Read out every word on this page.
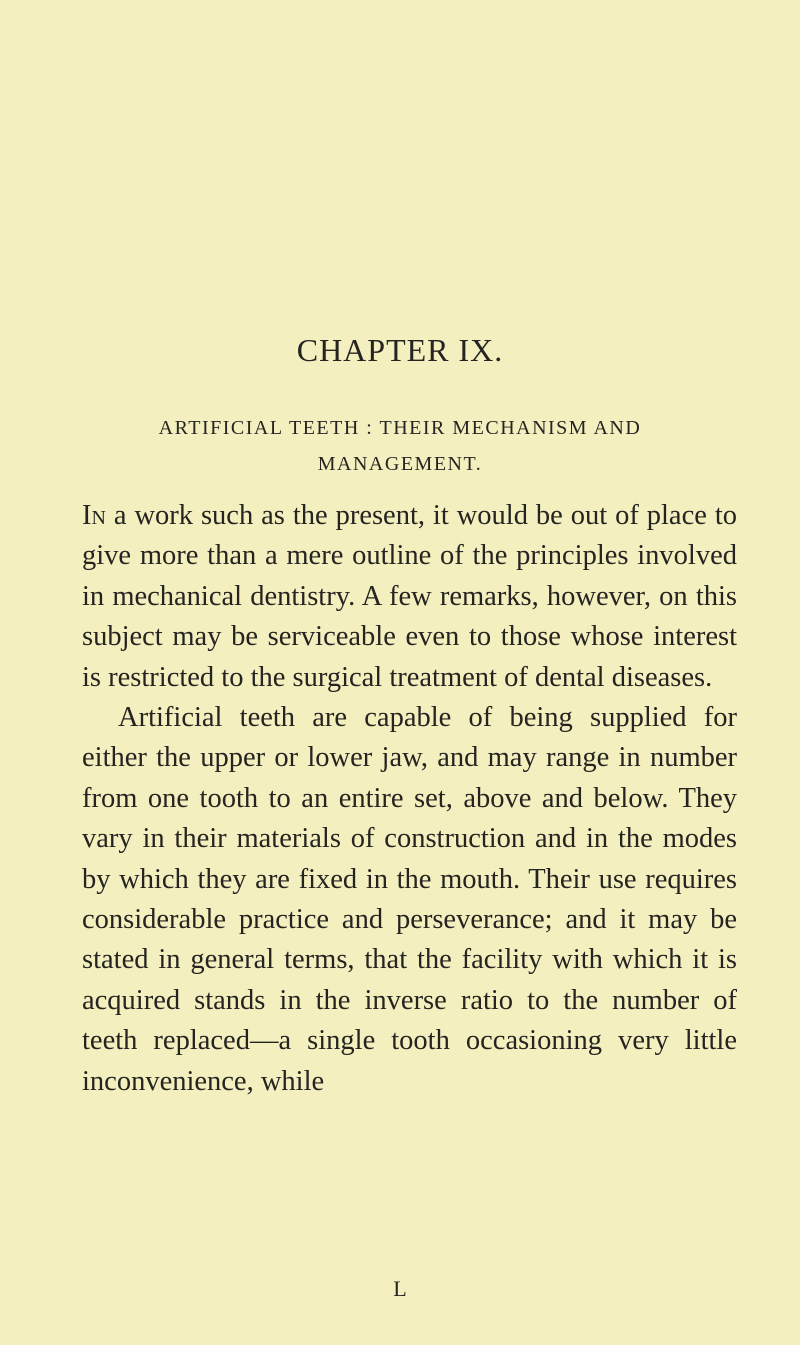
CHAPTER IX.
ARTIFICIAL TEETH : THEIR MECHANISM AND MANAGEMENT.

In a work such as the present, it would be out of place to give more than a mere outline of the principles involved in mechanical dentistry. A few remarks, however, on this subject may be serviceable even to those whose interest is restricted to the surgical treatment of dental diseases.

Artificial teeth are capable of being supplied for either the upper or lower jaw, and may range in number from one tooth to an entire set, above and below. They vary in their materials of construction and in the modes by which they are fixed in the mouth. Their use requires considerable practice and perseverance; and it may be stated in general terms, that the facility with which it is acquired stands in the inverse ratio to the number of teeth replaced—a single tooth occasioning very little inconvenience, while

L
